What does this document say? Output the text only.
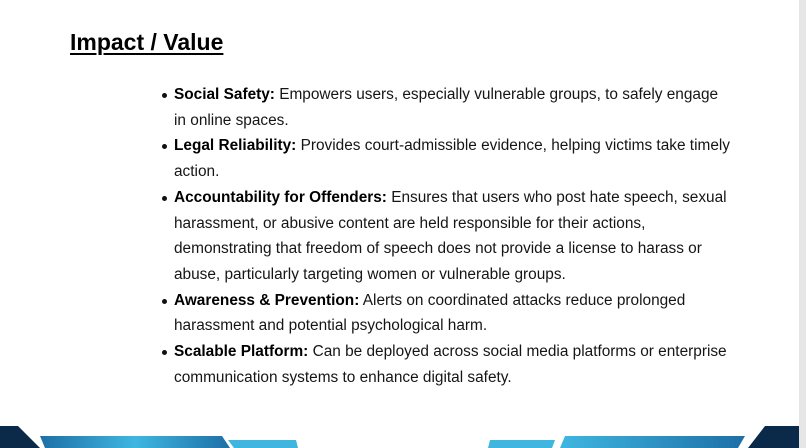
Impact / Value
Social Safety: Empowers users, especially vulnerable groups, to safely engage in online spaces.
Legal Reliability: Provides court-admissible evidence, helping victims take timely action.
Accountability for Offenders: Ensures that users who post hate speech, sexual harassment, or abusive content are held responsible for their actions, demonstrating that freedom of speech does not provide a license to harass or abuse, particularly targeting women or vulnerable groups.
Awareness & Prevention: Alerts on coordinated attacks reduce prolonged harassment and potential psychological harm.
Scalable Platform: Can be deployed across social media platforms or enterprise communication systems to enhance digital safety.
